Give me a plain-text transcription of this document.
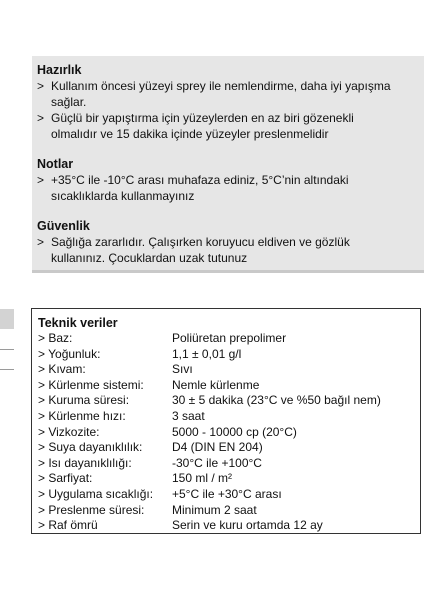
Hazırlık
> Kullanım öncesi yüzeyi sprey ile nemlendirme, daha iyi yapışma
sağlar.
> Güçlü bir yapıştırma için yüzeylerden en az biri gözenekli
olmalıdır ve 15 dakika içinde yüzeyler preslenmelidir
Notlar
> +35°C ile -10°C arası muhafaza ediniz, 5°C’nin altındaki
sıcaklıklarda kullanmayınız
Güvenlik
> Sağlığa zararlıdır. Çalışırken koruyucu eldiven ve gözlük
kullanınız. Çocuklardan uzak tutunuz
Teknik veriler
> Baz:	Poliüretan prepolimer
> Yoğunluk:	1,1 ± 0,01 g/l
> Kıvam:	Sıvı
> Kürlenme sistemi: Nemle kürlenme
> Kuruma süresi:	30 ± 5 dakika (23°C ve %50 bağıl nem)
> Kürlenme hızı:	3 saat
> Vizkozite:	5000 - 10000 cp (20°C)
> Suya dayanıklılık: D4 (DIN EN 204)
> Isı dayanıklılığı:	-30°C ile +100°C
> Sarfiyat:	150 ml / m²
> Uygulama sıcaklığı: +5°C ile +30°C arası
> Preslenme süresi: Minimum 2 saat
> Raf ömrü	Serin ve kuru ortamda 12 ay
